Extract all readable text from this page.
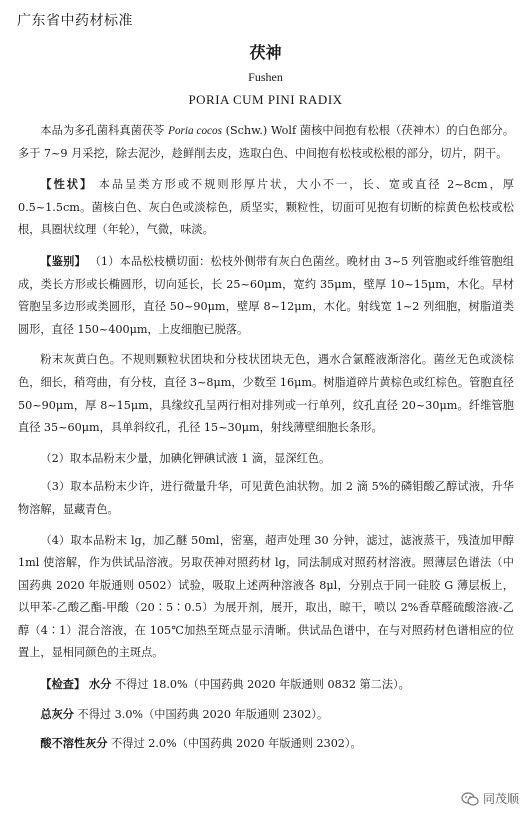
广东省中药材标准
茯神
Fushen
PORIA CUM PINI RADIX

本品为多孔菌科真菌茯苓 Poria cocos (Schw.) Wolf 菌核中间抱有松根（茯神木）的白色部分。多于 7~9 月采挖，除去泥沙，趁鲜削去皮，选取白色、中间抱有松枝或松根的部分，切片，阴干。

【性状】 本品呈类方形或不规则形厚片状，大小不一，长、宽或直径 2~8cm，厚 0.5~1.5cm。菌核白色、灰白色或淡棕色，质坚实，颗粒性，切面可见抱有切断的棕黄色松枝或松根，具圈状纹理（年轮），气微，味淡。

【鉴别】 （1）本品松枝横切面：松枝外侧带有灰白色菌丝。晚材由 3~5 列管胞或纤维管胞组成，类长方形或长椭圆形，切向延长，长 25~60μm，宽约 35μm，壁厚 10~15μm，木化。早材管胞呈多边形或类圆形，直径 50~90μm，壁厚 8~12μm，木化。射线宽 1~2 列细胞，树脂道类圆形，直径 150~400μm，上皮细胞已脱落。

粉末灰黄白色。不规则颗粒状团块和分枝状团块无色，遇水合氯醛液渐溶化。菌丝无色或淡棕色，细长，稍弯曲，有分枝，直径 3~8μm，少数至 16μm。树脂道碎片黄棕色或红棕色。管胞直径 50~90μm，厚 8~15μm，具缘纹孔呈两行相对排列或一行单列，纹孔直径 20~30μm。纤维管胞直径 35~60μm，具单斜纹孔，孔径 15~30μm，射线薄壁细胞长条形。

（2）取本品粉末少量，加碘化钾碘试液 1 滴，显深红色。

（3）取本品粉末少许，进行微量升华，可见黄色油状物。加 2 滴 5%的磷钼酸乙醇试液，升华物溶解，显藏青色。

（4）取本品粉末 lg，加乙醚 50ml，密塞，超声处理 30 分钟，滤过，滤液蒸干，残渣加甲醇 1ml 使溶解，作为供试品溶液。另取茯神对照药材 lg，同法制成对照药材溶液。照薄层色谱法（中国药典 2020 年版通则 0502）试验，吸取上述两种溶液各 8μl，分别点于同一硅胶 G 薄层板上，以甲苯-乙酸乙酯-甲酸（20∶5∶0.5）为展开剂，展开，取出，晾干，喷以 2%香草醛硫酸溶液-乙醇（4∶1）混合溶液，在 105℃加热至斑点显示清晰。供试品色谱中，在与对照药材色谱相应的位置上，显相同颜色的主斑点。

【检查】 水分 不得过 18.0%（中国药典 2020 年版通则 0832 第二法）。

总灰分 不得过 3.0%（中国药典 2020 年版通则 2302）。

酸不溶性灰分 不得过 2.0%（中国药典 2020 年版通则 2302）。

同茂顺
